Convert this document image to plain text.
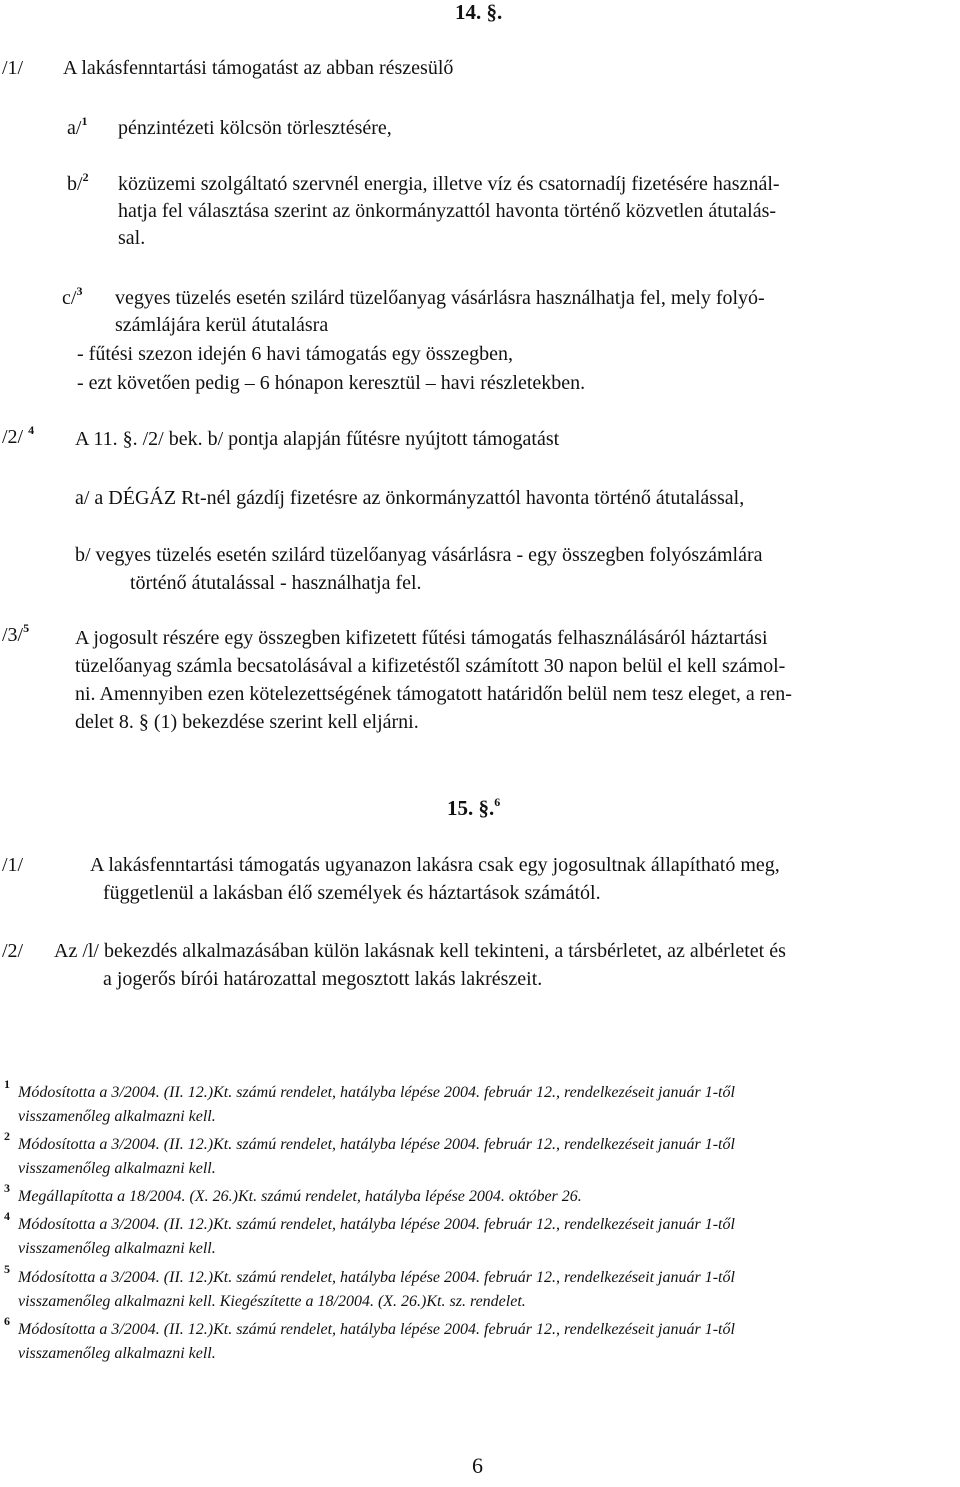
14. §.
/1/ A lakásfenntartási támogatást az abban részesülő
a/$^1$ pénzintézeti kölcsön törlesztésére,
b/$^2$ közüzemi szolgáltató szervnél energia, illetve víz és csatornadíj fizetésére használ-
hatja fel választása szerint az önkormányzattól havonta történő közvetlen átutalás-
sal.
c/$^3$ vegyes tüzelés esetén szilárd tüzelőanyag vásárlásra használhatja fel, mely folyó-
számlájára kerül átutalásra
- fűtési szezon idején 6 havi támogatás egy összegben,
- ezt követően pedig – 6 hónapon keresztül – havi részletekben.
/2/ $^4$ A 11. §. /2/ bek. b/ pontja alapján fűtésre nyújtott támogatást
a/ a DÉGÁZ Rt-nél gázdíj fizetésre az önkormányzattól havonta történő átutalással,
b/ vegyes tüzelés esetén szilárd tüzelőanyag vásárlásra - egy összegben folyószámlára
történő átutalással - használhatja fel.
/3/$^5$ A jogosult részére egy összegben kifizetett fűtési támogatás felhasználásáról háztartási
tüzelőanyag számla becsatolásával a kifizetéstől számított 30 napon belül el kell számol-
ni. Amennyiben ezen kötelezettségének támogatott határidőn belül nem tesz eleget, a ren-
delet 8. § (1) bekezdése szerint kell eljárni.
15. §.$^6$
/1/	A lakásfenntartási támogatás ugyanazon lakásra csak egy jogosultnak állapítható meg,
függetlenül a lakásban élő személyek és háztartások számától.
/2/ Az /l/ bekezdés alkalmazásában külön lakásnak kell tekinteni, a társbérletet, az albérletet és
a jogerős bírói határozattal megosztott lakás lakrészeit.
1 Módosította a 3/2004. (II. 12.)Kt. számú rendelet, hatályba lépése 2004. február 12., rendelkezéseit január 1-től
visszamenőleg alkalmazni kell.
2 Módosította a 3/2004. (II. 12.)Kt. számú rendelet, hatályba lépése 2004. február 12., rendelkezéseit január 1-től
visszamenőleg alkalmazni kell.
3 Megállapította a 18/2004. (X. 26.)Kt. számú rendelet, hatályba lépése 2004. október 26.
4 Módosította a 3/2004. (II. 12.)Kt. számú rendelet, hatályba lépése 2004. február 12., rendelkezéseit január 1-től
visszamenőleg alkalmazni kell.
5 Módosította a 3/2004. (II. 12.)Kt. számú rendelet, hatályba lépése 2004. február 12., rendelkezéseit január 1-től
visszamenőleg alkalmazni kell. Kiegészítette a 18/2004. (X. 26.)Kt. sz. rendelet.
6 Módosította a 3/2004. (II. 12.)Kt. számú rendelet, hatályba lépése 2004. február 12., rendelkezéseit január 1-től
visszamenőleg alkalmazni kell.
6
